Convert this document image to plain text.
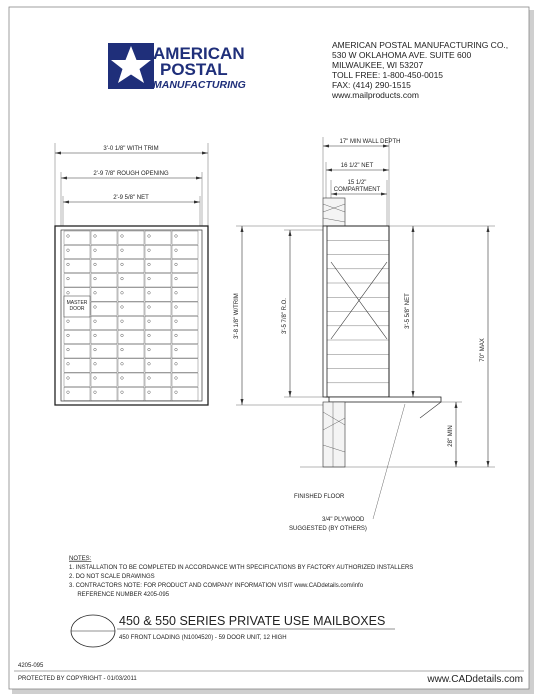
AMERICAN
POSTAL
MANUFACTURING
AMERICAN POSTAL MANUFACTURING CO.,
530 W OKLAHOMA AVE. SUITE 600
MILWAUKEE, WI 53207
TOLL FREE: 1-800-450-0015
FAX: (414) 290-1515
www.mailproducts.com
3'-0 1/8" WITH TRIM
2'-9 7/8" ROUGH OPENING
2'-9 5/8" NET
MASTER
DOOR
17" MIN WALL DEPTH
16 1/2" NET
15 1/2"
COMPARTMENT
3'-8 1/8" W/TRIM	3'-5 7/8" R.O.	3'-5 5/8" NET
70" MAX
28" MIN
FINISHED FLOOR
3/4" PLYWOOD
SUGGESTED (BY OTHERS)
NOTES:
1. INSTALLATION TO BE COMPLETED IN ACCORDANCE WITH SPECIFICATIONS BY FACTORY AUTHORIZED INSTALLERS
2. DO NOT SCALE DRAWINGS
3. CONTRACTORS NOTE: FOR PRODUCT AND COMPANY INFORMATION VISIT www.CADdetails.com/info
REFERENCE NUMBER 4205-095
450 & 550 SERIES PRIVATE USE MAILBOXES
450 FRONT LOADING (N1004520) - 59 DOOR UNIT, 12 HIGH
4205-095
PROTECTED BY COPYRIGHT - 01/03/2011	www.CADdetails.com
